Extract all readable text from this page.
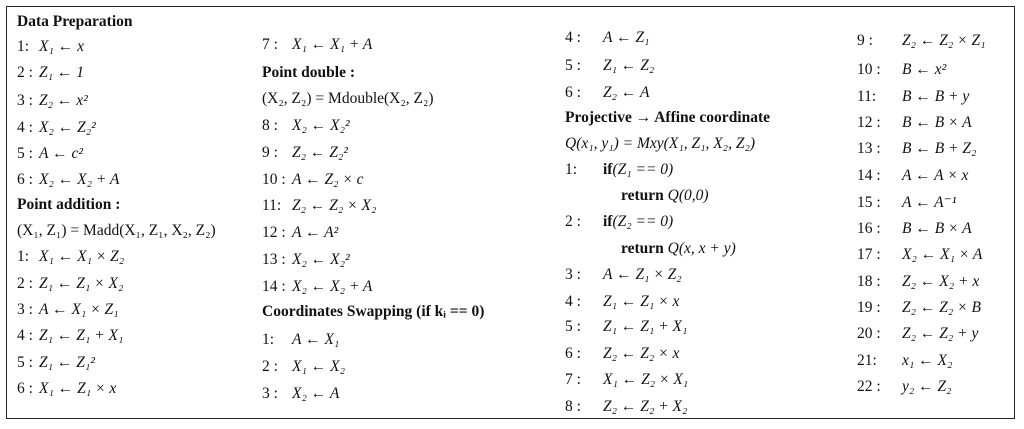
Data Preparation
1: X₁ ← x
2 : Z₁ ← 1
3 : Z₂ ← x²
4 : X₂ ← Z₂²
5 : A ← c²
6 : X₂ ← X₂ + A
Point addition :
(X₁, Z₁) = Madd(X₁, Z₁, X₂, Z₂)
1: X₁ ← X₁ × Z₂
2 : Z₁ ← Z₁ × X₂
3 : A ← X₁ × Z₁
4 : Z₁ ← Z₁ + X₁
5 : Z₁ ← Z₁²
6 : X₁ ← Z₁ × x
7 : X₁ ← X₁ + A
Point double :
(X₂, Z₂) = Mdouble(X₂, Z₂)
8 : X₂ ← X₂²
9 : Z₂ ← Z₂²
10 : A ← Z₂ × c
11: Z₂ ← Z₂ × X₂
12 : A ← A²
13 : X₂ ← X₂²
14 : X₂ ← X₂ + A
Coordinates Swapping (if kᵢ == 0)
1: A ← X₁
2 : X₁ ← X₂
3 : X₂ ← A
4 : A ← Z₁
5 : Z₁ ← Z₂
6 : Z₂ ← A
Projective → Affine coordinate
Q(x₁, y₁) = Mxy(X₁, Z₁, X₂, Z₂)
1: if(Z₁ == 0)
return Q(0,0)
2 : if(Z₂ == 0)
return Q(x, x + y)
3 : A ← Z₁ × Z₂
4 : Z₁ ← Z₁ × x
5 : Z₁ ← Z₁ + X₁
6 : Z₂ ← Z₂ × x
7 : X₁ ← Z₂ × X₁
8 : Z₂ ← Z₂ + X₂
9 : Z₂ ← Z₂ × Z₁
10 : B ← x²
11: B ← B + y
12 : B ← B × A
13 : B ← B + Z₂
14 : A ← A × x
15 : A ← A⁻¹
16 : B ← B × A
17 : X₂ ← X₁ × A
18 : Z₂ ← X₂ + x
19 : Z₂ ← Z₂ × B
20 : Z₂ ← Z₂ + y
21: x₁ ← X₂
22 : y₂ ← Z₂
